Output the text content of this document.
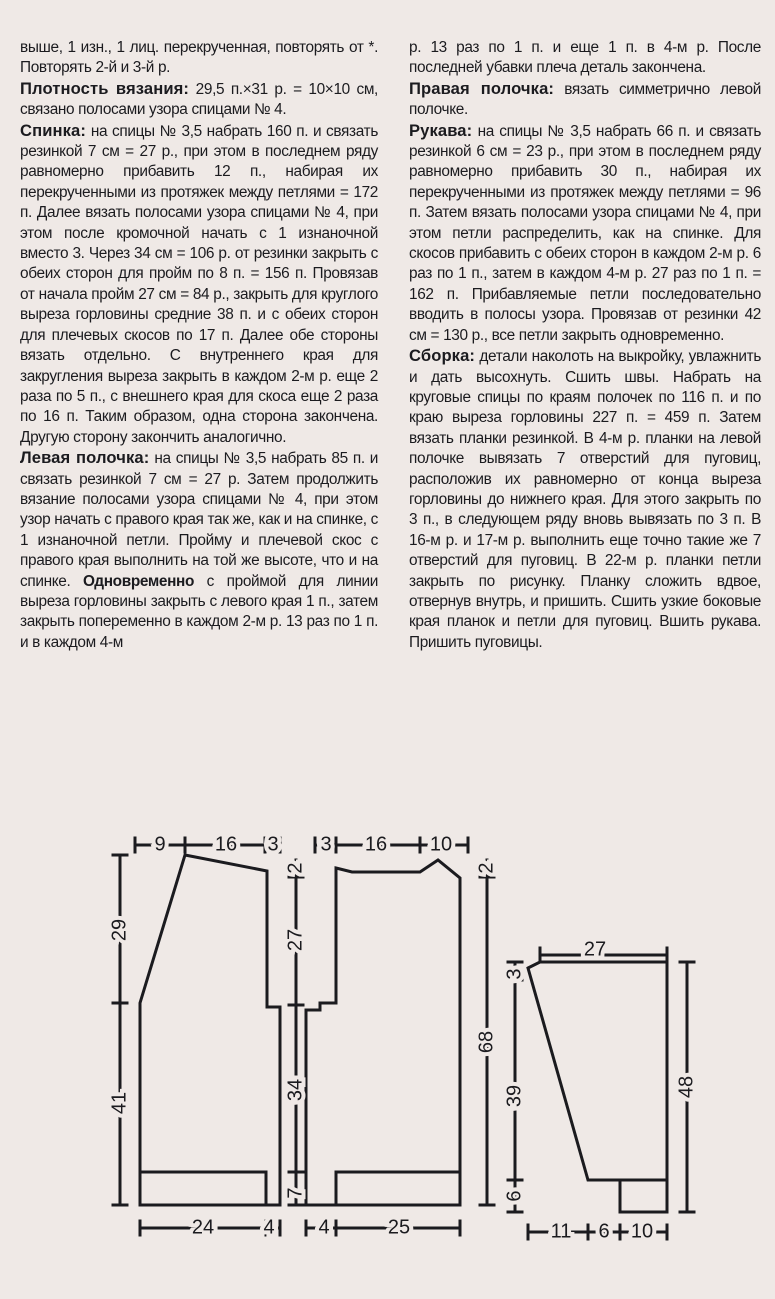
выше, 1 изн., 1 лиц. перекрученная, повторять от *. Повторять 2-й и 3-й р.

Плотность вязания: 29,5 п.×31 р. = 10×10 см, связано полосами узора спицами № 4.

Спинка: на спицы № 3,5 набрать 160 п. и связать резинкой 7 см = 27 р., при этом в последнем ряду равномерно прибавить 12 п., набирая их перекрученными из протяжек между петлями = 172 п. Далее вязать полосами узора спицами № 4, при этом после кромочной начать с 1 изнаночной вместо 3. Через 34 см = 106 р. от резинки закрыть с обеих сторон для пройм по 8 п. = 156 п. Провязав от начала пройм 27 см = 84 р., закрыть для круглого выреза горловины средние 38 п. и с обеих сторон для плечевых скосов по 17 п. Далее обе стороны вязать отдельно. С внутреннего края для закругления выреза закрыть в каждом 2-м р. еще 2 раза по 5 п., с внешнего края для скоса еще 2 раза по 16 п. Таким образом, одна сторона закончена. Другую сторону закончить аналогично.

Левая полочка: на спицы № 3,5 набрать 85 п. и связать резинкой 7 см = 27 р. Затем продолжить вязание полосами узора спицами № 4, при этом узор начать с правого края так же, как и на спинке, с 1 изнаночной петли. Пройму и плечевой скос с правого края выполнить на той же высоте, что и на спинке. Одновременно с проймой для линии выреза горловины закрыть с левого края 1 п., затем закрыть попеременно в каждом 2-м р. 13 раз по 1 п. и в каждом 4-м

р. 13 раз по 1 п. и еще 1 п. в 4-м р. После последней убавки плеча деталь закончена.

Правая полочка: вязать симметрично левой полочке.

Рукава: на спицы № 3,5 набрать 66 п. и связать резинкой 6 см = 23 р., при этом в последнем ряду равномерно прибавить 30 п., набирая их перекрученными из протяжек между петлями = 96 п. Затем вязать полосами узора спицами № 4, при этом петли распределить, как на спинке. Для скосов прибавить с обеих сторон в каждом 2-м р. 6 раз по 1 п., затем в каждом 4-м р. 27 раз по 1 п. = 162 п. Прибавляемые петли последовательно вводить в полосы узора. Провязав от резинки 42 см = 130 р., все петли закрыть одновременно.

Сборка: детали наколоть на выкройку, увлажнить и дать высохнуть. Сшить швы. Набрать на круговые спицы по краям полочек по 116 п. и по краю выреза горловины 227 п. = 459 п. Затем вязать планки резинкой. В 4-м р. планки на левой полочке вывязать 7 отверстий для пуговиц, расположив их равномерно от конца выреза горловины до нижнего края. Для этого закрыть по 3 п., в следующем ряду вновь вывязать по 3 п. В 16-м р. и 17-м р. выполнить еще точно такие же 7 отверстий для пуговиц. В 22-м р. планки петли закрыть по рисунку. Планку сложить вдвое, отвернув внутрь, и пришить. Сшить узкие боковые края планок и петли для пуговиц. Вшить рукава. Пришить пуговицы.

9 16 3
29
41
24 4
3 16 10
2	2
27
34
7
68
4	25
27
3
39
6
48
11 6 10
